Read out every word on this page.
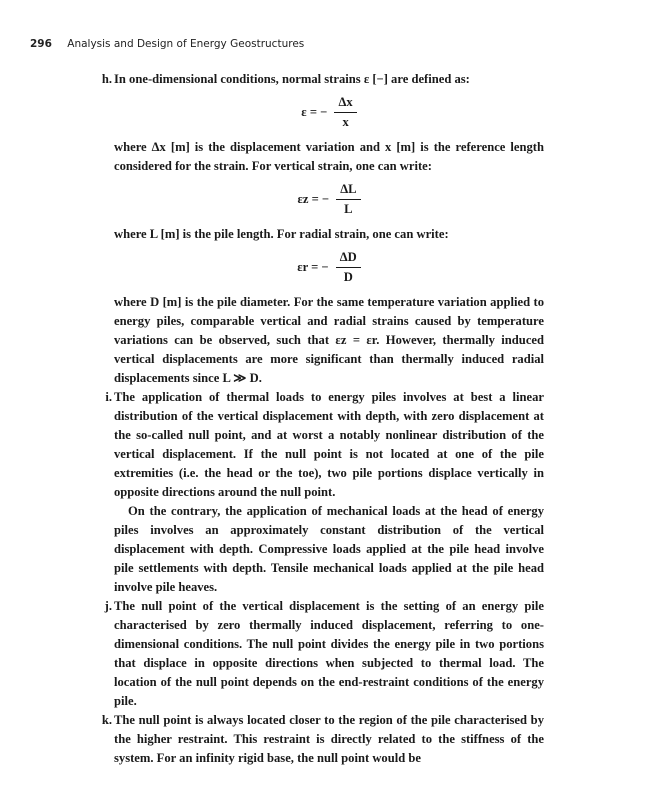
296 Analysis and Design of Energy Geostructures
h. In one-dimensional conditions, normal strains ε [−] are defined as:

ε = − $\frac{\Delta x}{x}$

where Δx [m] is the displacement variation and x [m] is the reference length considered for the strain. For vertical strain, one can write:

εz = − $\frac{\Delta L}{L}$

where L [m] is the pile length. For radial strain, one can write:

εr = − $\frac{\Delta D}{D}$

where D [m] is the pile diameter. For the same temperature variation applied to energy piles, comparable vertical and radial strains caused by temperature variations can be observed, such that εz = εr. However, thermally induced vertical displacements are more significant than thermally induced radial displacements since L ≫ D.

i. The application of thermal loads to energy piles involves at best a linear distribution of the vertical displacement with depth, with zero displacement at the so-called null point, and at worst a notably nonlinear distribution of the vertical displacement. If the null point is not located at one of the pile extremities (i.e. the head or the toe), two pile portions displace vertically in opposite directions around the null point.

On the contrary, the application of mechanical loads at the head of energy piles involves an approximately constant distribution of the vertical displacement with depth. Compressive loads applied at the pile head involve pile settlements with depth. Tensile mechanical loads applied at the pile head involve pile heaves.

j. The null point of the vertical displacement is the setting of an energy pile characterised by zero thermally induced displacement, referring to one-dimensional conditions. The null point divides the energy pile in two portions that displace in opposite directions when subjected to thermal load. The location of the null point depends on the end-restraint conditions of the energy pile.

k. The null point is always located closer to the region of the pile characterised by the higher restraint. This restraint is directly related to the stiffness of the system. For an infinity rigid base, the null point would be
